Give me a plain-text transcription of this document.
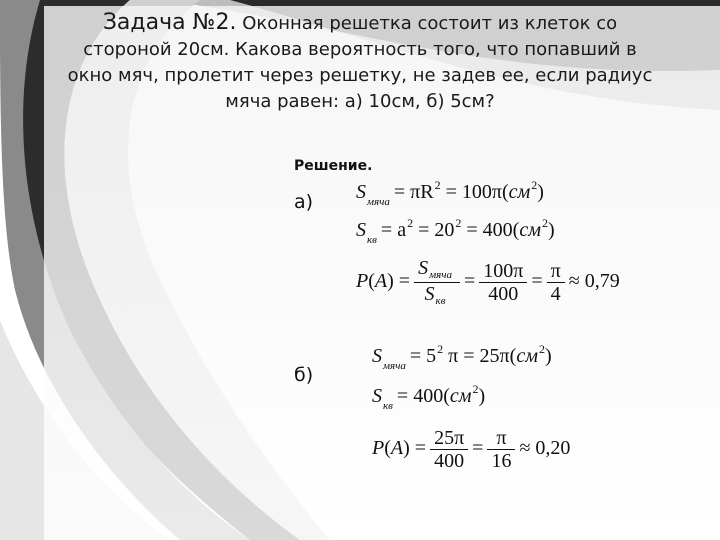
Задача №2. Оконная решетка состоит из клеток со
стороной 20см. Какова вероятность того, что попавший в
окно мяч, пролетит через решетку, не задев ее, если радиус
мяча равен: а) 10см, б) 5см?
Решение.
а)
б)
$S_{мяча} = \pi R^2 = 100\pi(см^2)$
$S_{кв} = a^2 = 20^2 = 400(см^2)$
$P(A) = \frac{S_{мяча}}{S_{кв}} = \frac{100\pi}{400} = \frac{\pi}{4} \approx 0,79$
$S_{мяча} = 5^2$ $\pi = 25\pi(см^2)$
$S_{кв} = 400(см^2)$
$P(A) = \frac{25\pi}{400} = \frac{\pi}{16} \approx 0,20$
